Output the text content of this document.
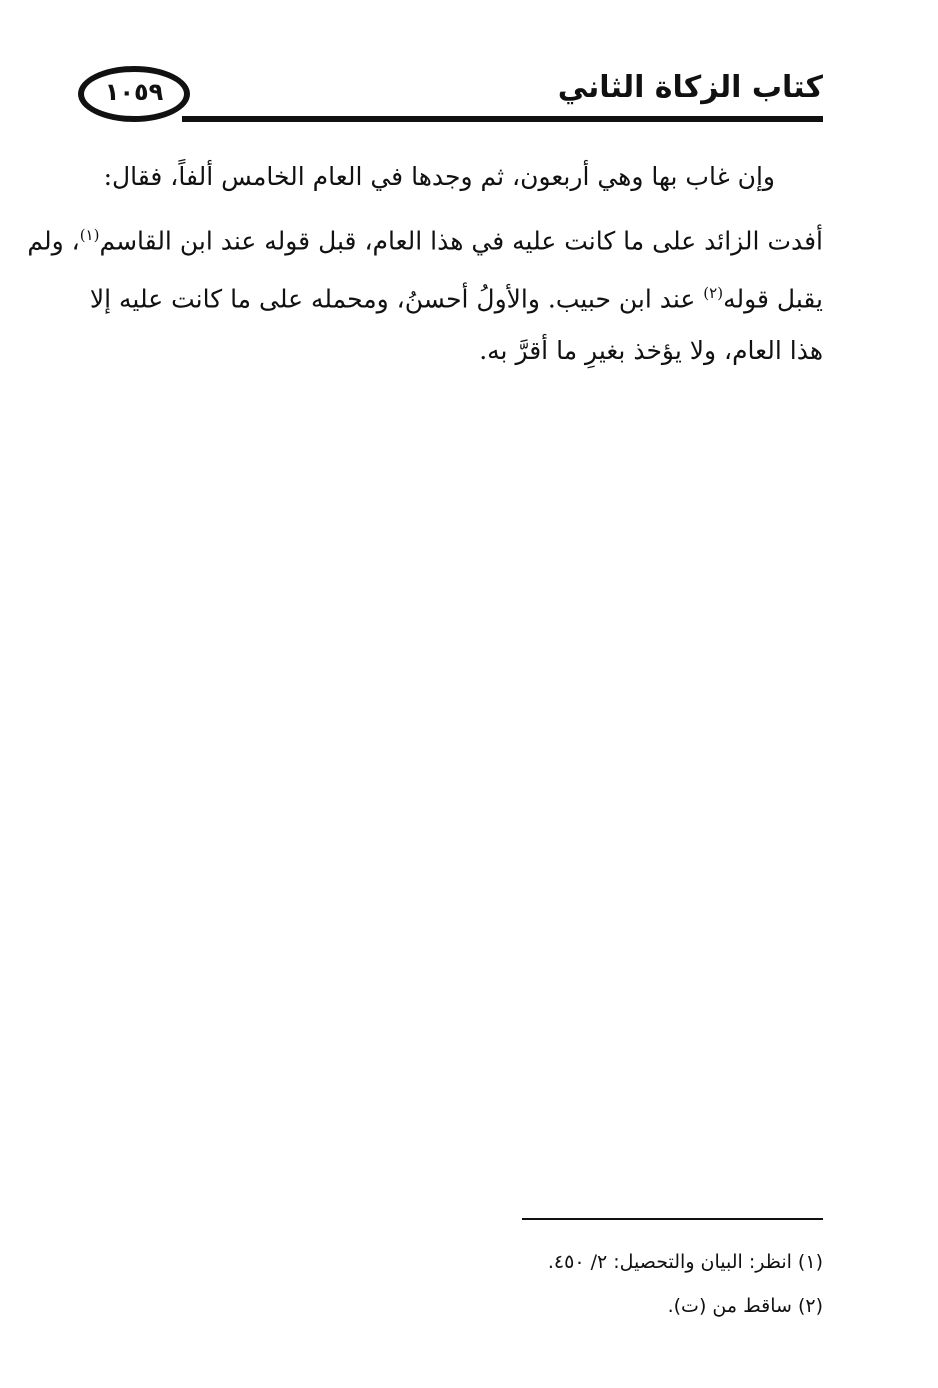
١٠٥٩	كتاب الزكاة الثاني
وإن غاب بها وهي أربعون، ثم وجدها في العام الخامس ألفاً، فقال:
أفدت الزائد على ما كانت عليه في هذا العام، قبل قوله عند ابن القاسم$^{(١)}$، ولم
يقبل قوله$^{(٢)}$ عند ابن حبيب. والأولُ أحسنُ، ومحمله على ما كانت عليه إلا
هذا العام، ولا يؤخذ بغيرِ ما أقرَّ به.
(١) انظر: البيان والتحصيل: ٢/ ٤٥٠.
(٢) ساقط من (ت).
